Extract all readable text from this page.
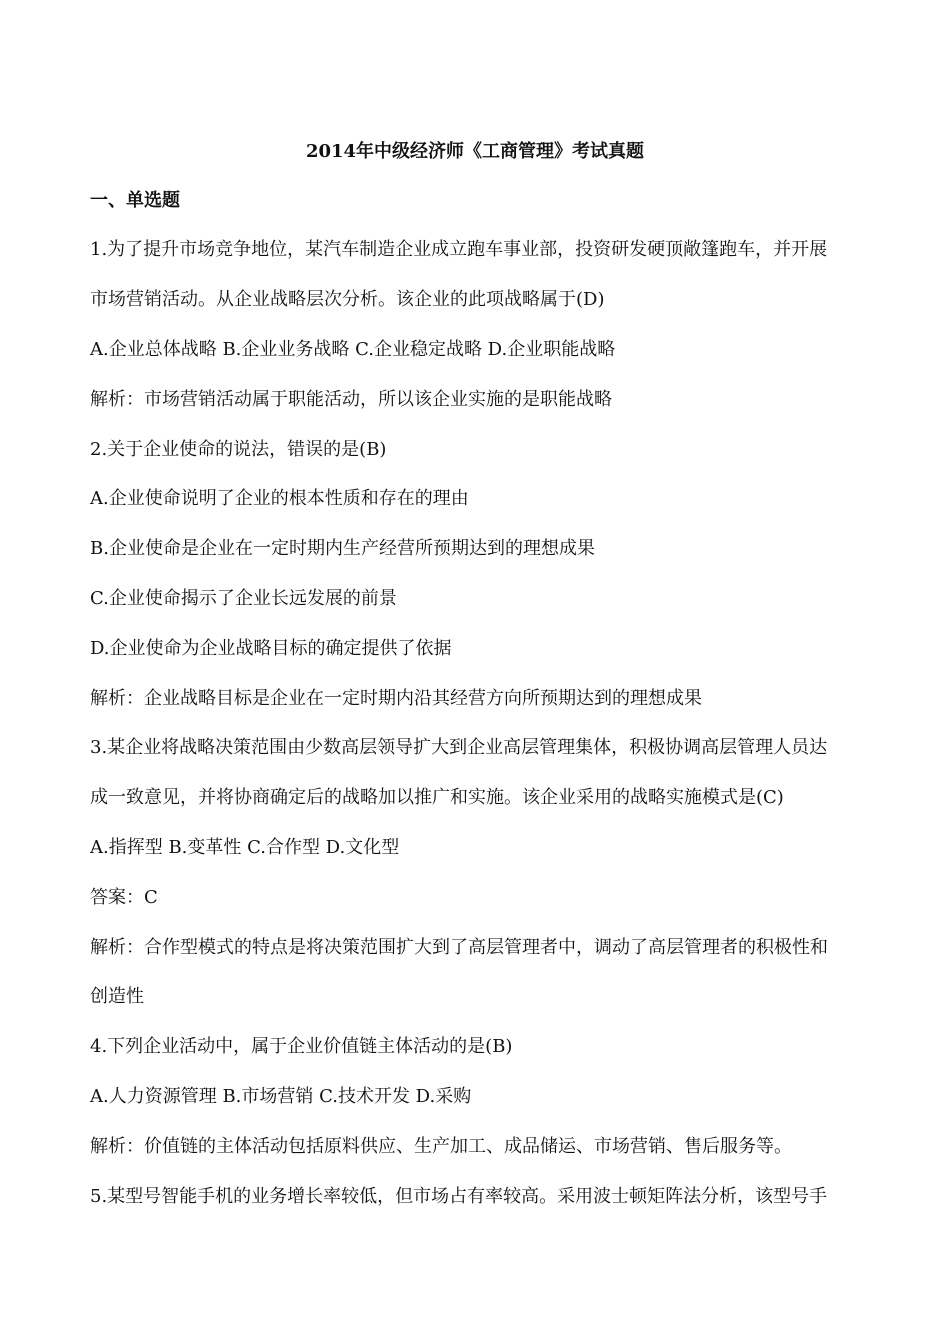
2014年中级经济师《工商管理》考试真题
一、单选题
1.为了提升市场竞争地位，某汽车制造企业成立跑车事业部，投资研发硬顶敞篷跑车，并开展
市场营销活动。从企业战略层次分析。该企业的此项战略属于(D)
A.企业总体战略 B.企业业务战略 C.企业稳定战略 D.企业职能战略
解析：市场营销活动属于职能活动，所以该企业实施的是职能战略
2.关于企业使命的说法，错误的是(B)
A.企业使命说明了企业的根本性质和存在的理由
B.企业使命是企业在一定时期内生产经营所预期达到的理想成果
C.企业使命揭示了企业长远发展的前景
D.企业使命为企业战略目标的确定提供了依据
解析：企业战略目标是企业在一定时期内沿其经营方向所预期达到的理想成果
3.某企业将战略决策范围由少数高层领导扩大到企业高层管理集体，积极协调高层管理人员达
成一致意见，并将协商确定后的战略加以推广和实施。该企业采用的战略实施模式是(C)
A.指挥型 B.变革性 C.合作型 D.文化型
答案：C
解析：合作型模式的特点是将决策范围扩大到了高层管理者中，调动了高层管理者的积极性和
创造性
4.下列企业活动中，属于企业价值链主体活动的是(B)
A.人力资源管理 B.市场营销 C.技术开发 D.采购
解析：价值链的主体活动包括原料供应、生产加工、成品储运、市场营销、售后服务等。
5.某型号智能手机的业务增长率较低，但市场占有率较高。采用波士顿矩阵法分析，该型号手
